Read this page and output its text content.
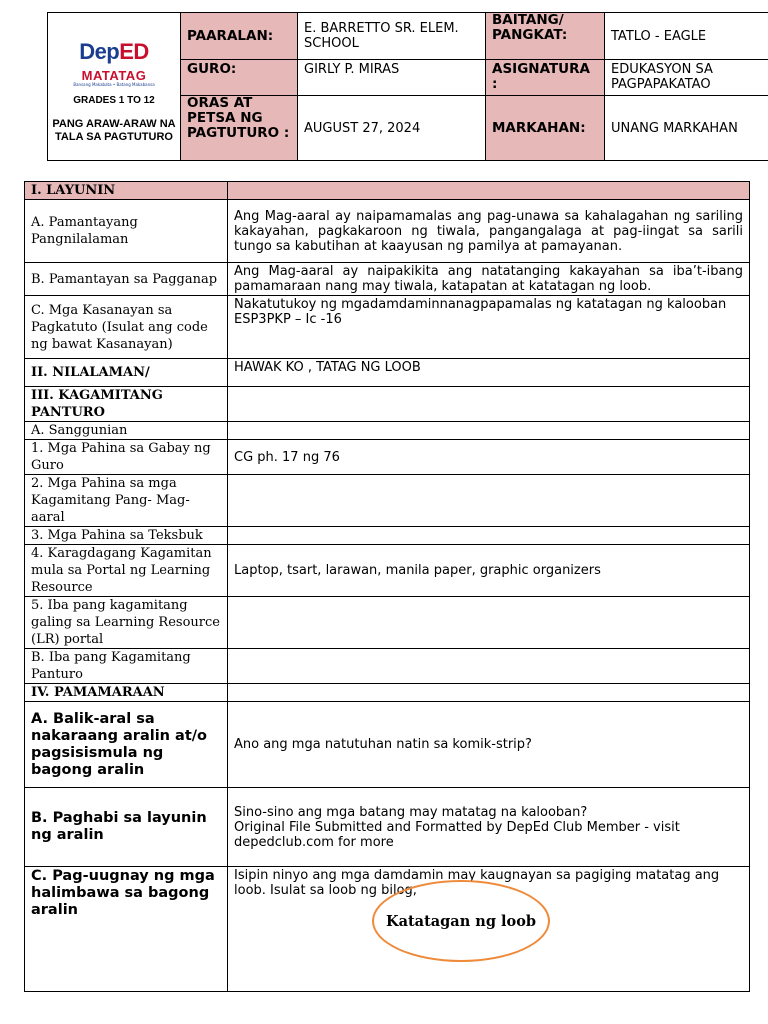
DepED
MATATAG
Bansang Makabata • Batang Makabansa
GRADES 1 TO 12
PANG ARAW-ARAW NA TALA SA PAGTUTURO	PAARALAN:	E. BARRETTO SR. ELEM. SCHOOL	BAITANG/ PANGKAT:	TATLO - EAGLE
	GURO:	GIRLY P. MIRAS	ASIGNATURA :	EDUKASYON SA PAGPAPAKATAO
	ORAS AT PETSA NG PAGTUTURO :	AUGUST 27, 2024	MARKAHAN:	UNANG MARKAHAN
I. LAYUNIN	
A. Pamantayang Pangnilalaman	Ang Mag-aaral ay naipamamalas ang pag-unawa sa kahalagahan ng sariling kakayahan, pagkakaroon ng tiwala, pangangalaga at pag-iingat sa sarili tungo sa kabutihan at kaayusan ng pamilya at pamayanan.
B. Pamantayan sa Pagganap	Ang Mag-aaral ay naipakikita ang natatanging kakayahan sa iba’t-ibang pamamaraan nang may tiwala, katapatan at katatagan ng loob.
C. Mga Kasanayan sa Pagkatuto (Isulat ang code ng bawat Kasanayan)	Nakatutukoy ng mgadamdaminnanagpapamalas ng katatagan ng kalooban
ESP3PKP – Ic -16

II. NILALAMAN/	HAWAK KO , TATAG NG LOOB
III. KAGAMITANG PANTURO	
A. Sanggunian	
1. Mga Pahina sa Gabay ng Guro	CG ph. 17 ng 76
2. Mga Pahina sa mga Kagamitang Pang- Mag- aaral	
3. Mga Pahina sa Teksbuk	
4. Karagdagang Kagamitan mula sa Portal ng Learning Resource	Laptop, tsart, larawan, manila paper, graphic organizers
5. Iba pang kagamitang galing sa Learning Resource (LR) portal	
B. Iba pang Kagamitang Panturo	
IV. PAMAMARAAN	
A. Balik-aral sa nakaraang aralin at/o pagsisismula ng bagong aralin	Ano ang mga natutuhan natin sa komik-strip?
B. Paghabi sa layunin ng aralin	Sino-sino ang mga batang may matatag na kalooban?
Original File Submitted and Formatted by DepEd Club Member - visit depedclub.com for more

C. Pag-uugnay ng mga halimbawa sa bagong aralin	Isipin ninyo ang mga damdamin may kaugnayan sa pagiging matatag ang loob. Isulat sa loob ng bilog,
Katatagan ng loob
